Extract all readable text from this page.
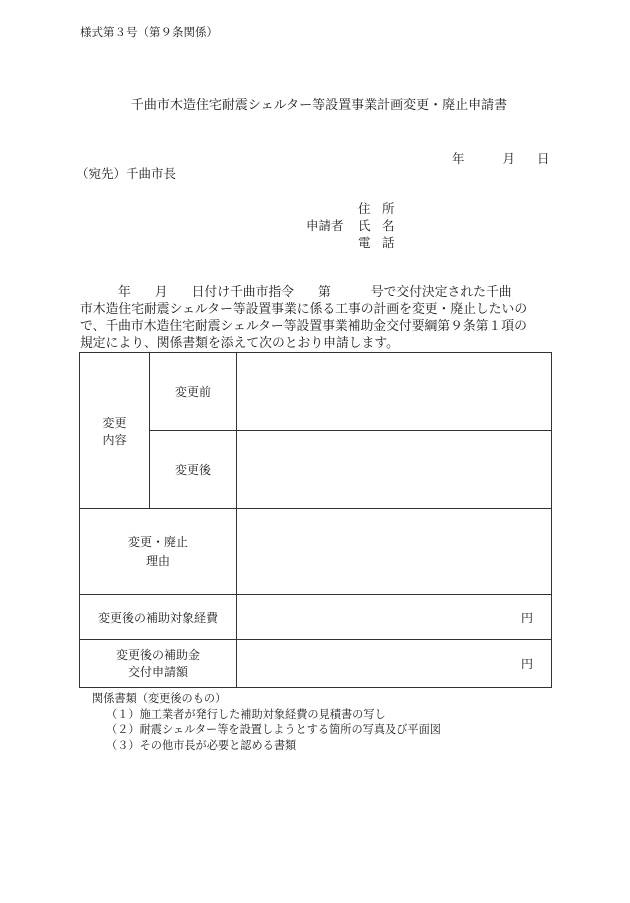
様式第３号（第９条関係）
千曲市木造住宅耐震シェルター等設置事業計画変更・廃止申請書
年	月 日
（宛先）千曲市長
住 所
申請者 氏 名
電 話
年 月 日付け千曲市指令 第	号で交付決定された千曲
市木造住宅耐震シェルター等設置事業に係る工事の計画を変更・廃止したいの
で、千曲市木造住宅耐震シェルター等設置事業補助金交付要綱第９条第１項の
規定により、関係書類を添えて次のとおり申請します。
変更
内容	変更前	
	変更後	

変更・廃止
理由		

変更後の補助対象経費		円

変更後の補助金
交付申請額		円
関係書類（変更後のもの）
（１）施工業者が発行した補助対象経費の見積書の写し
（２）耐震シェルター等を設置しようとする箇所の写真及び平面図
（３）その他市長が必要と認める書類
